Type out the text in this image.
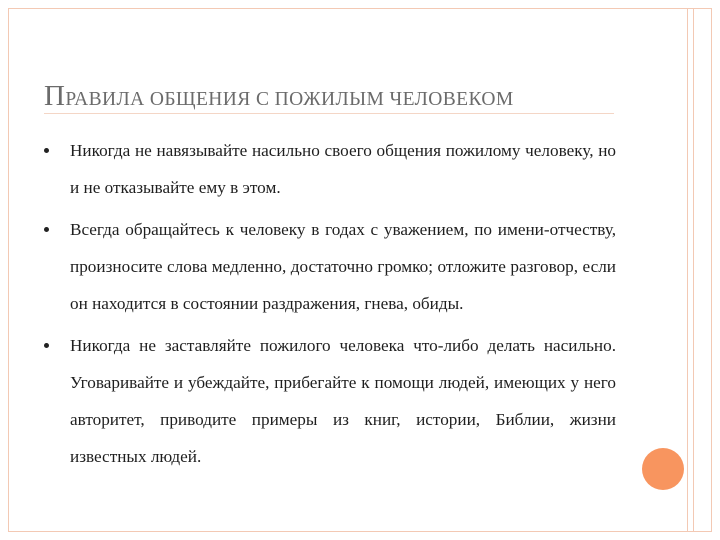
ПРАВИЛА ОБЩЕНИЯ С ПОЖИЛЫМ ЧЕЛОВЕКОМ

Никогда не навязывайте насильно своего общения пожилому человеку, но и не отказывайте ему в этом.

Всегда обращайтесь к человеку в годах с уважением, по имени-отчеству, произносите слова медленно, достаточно громко; отложите разговор, если он находится в состоянии раздражения, гнева, обиды.

Никогда не заставляйте пожилого человека что-либо делать насильно. Уговаривайте и убеждайте, прибегайте к помощи людей, имеющих у него авторитет, приводите примеры из книг, истории, Библии, жизни известных людей.
